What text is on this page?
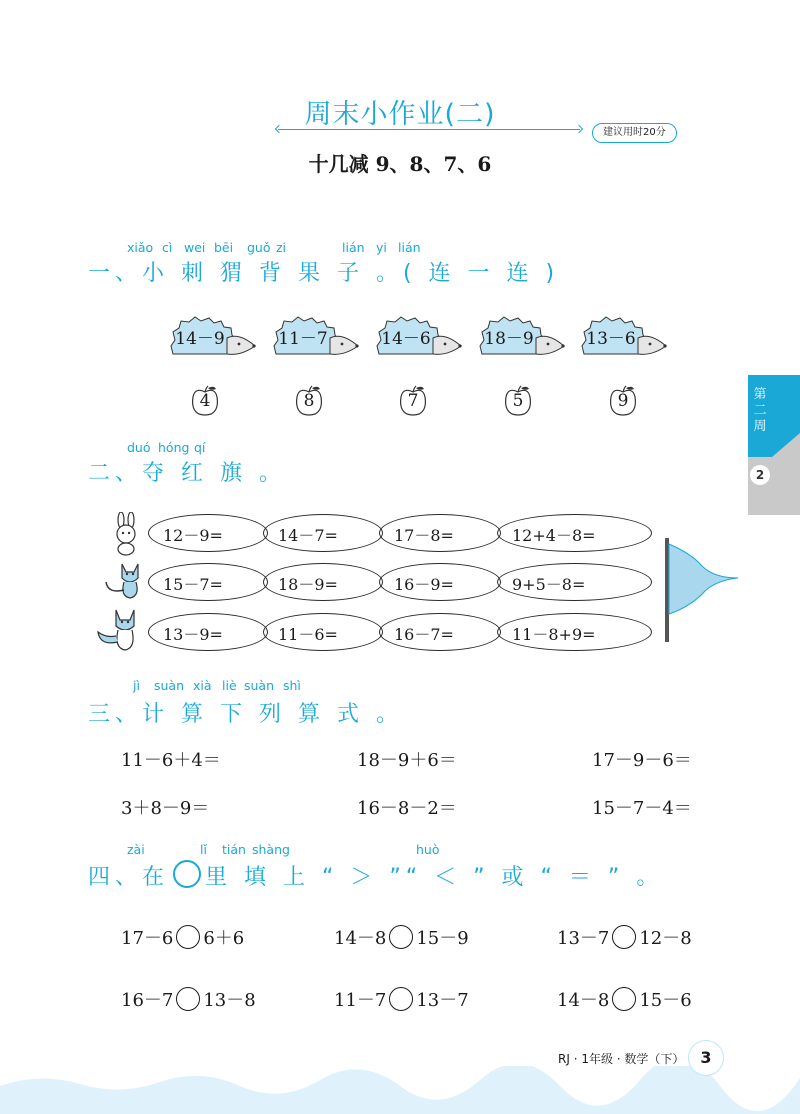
周末小作业(二)
建议用时20分
十几减 9、8、7、6
xiǎo cì wei bēi guǒ zi	lián yi lián
一、小 刺 猬 背 果 子 。( 连 一 连 )
14－9	11－7	14－6	18－9	13－6
4	8	7	5	9
duó hóng qí
二、夺 红 旗 。
12－9=	14－7=	17－8=	12+4－8=
15－7=	18－9=	16－9=	9+5－8=
13－9=	11－6=	16－7=	11－8+9=
jì suàn xià liè suàn shì
三、计 算 下 列 算 式 。
11－6＋4＝	18－9＋6＝	17－9－6＝
3＋8－9＝	16－8－2＝	15－7－4＝
zài	lǐ tián shàng	huò
四、在 里 填 上 “ ＞ ”“ ＜ ” 或 “ ＝ ” 。
17－6 6＋6	14－8 15－9	13－7 12－8
16－7 13－8	11－7 13－7	14－8 15－6
第二周
2
RJ · 1年级 · 数学（下）	3
